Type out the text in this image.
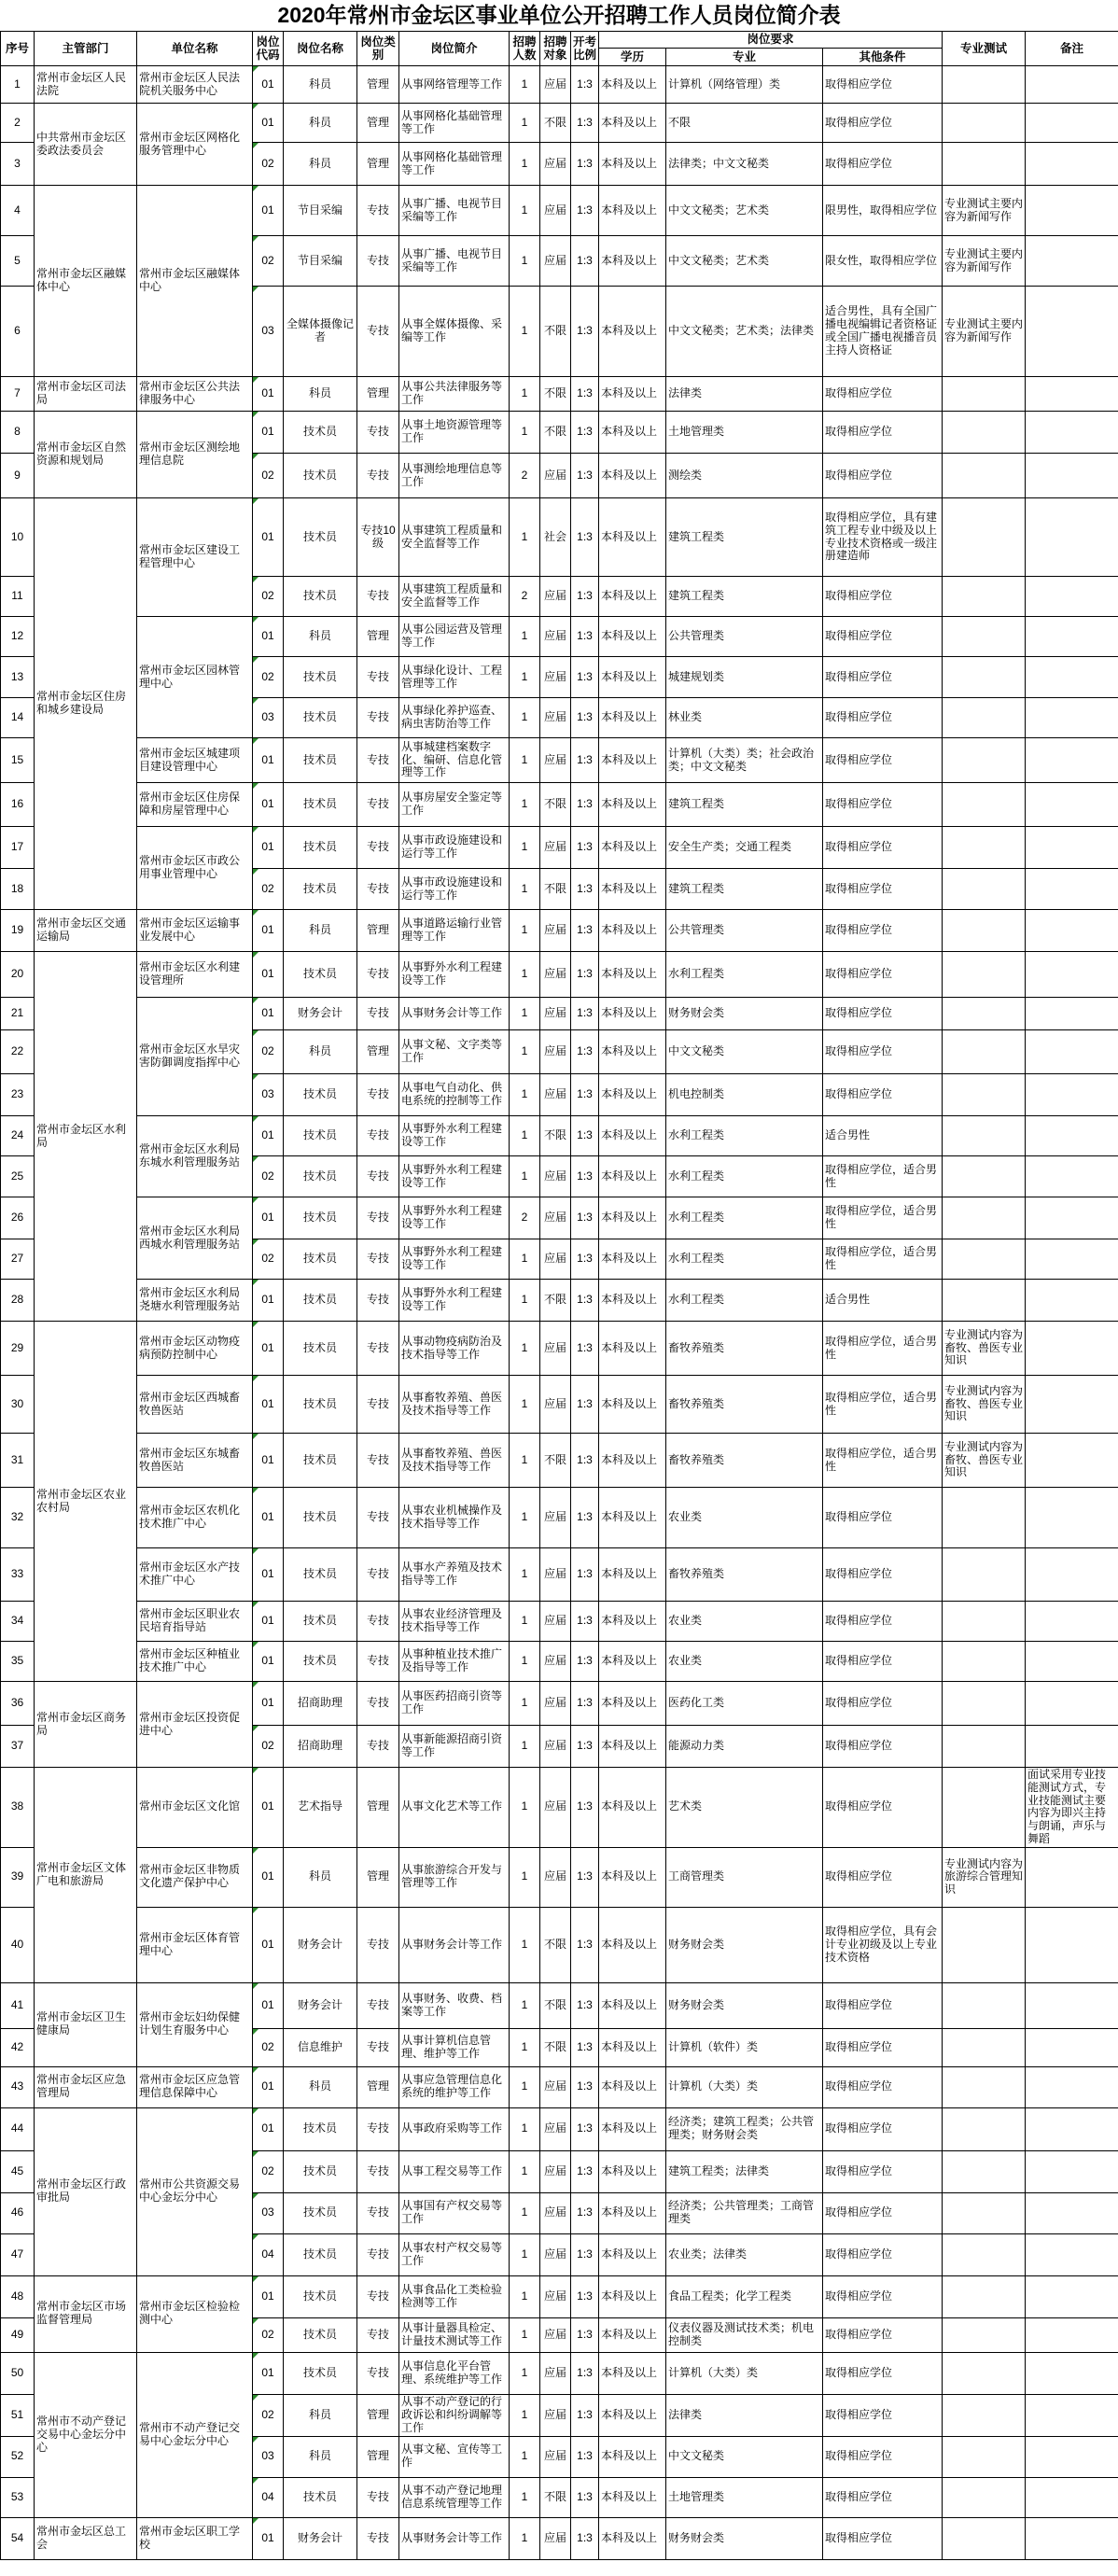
2020年常州市金坛区事业单位公开招聘工作人员岗位简介表
序号	主管部门	单位名称	岗位代码	岗位名称	岗位类别	岗位简介	招聘人数	招聘对象	开考比例	岗位要求			专业测试	备注
										学历	专业	其他条件		
1	常州市金坛区人民法院	常州市金坛区人民法院机关服务中心	01	科员	管理	从事网络管理等工作	1	应届	1:3	本科及以上	计算机（网络管理）类	取得相应学位		
2	中共常州市金坛区委政法委员会	常州市金坛区网格化服务管理中心	01	科员	管理	从事网格化基础管理等工作	1	不限	1:3	本科及以上	不限	取得相应学位		
3			02	科员	管理	从事网格化基础管理等工作	1	应届	1:3	本科及以上	法律类；中文文秘类	取得相应学位		
4	常州市金坛区融媒体中心	常州市金坛区融媒体中心	01	节目采编	专技	从事广播、电视节目采编等工作	1	应届	1:3	本科及以上	中文文秘类；艺术类	限男性，取得相应学位	专业测试主要内容为新闻写作	
5			02	节目采编	专技	从事广播、电视节目采编等工作	1	应届	1:3	本科及以上	中文文秘类；艺术类	限女性，取得相应学位	专业测试主要内容为新闻写作	
6			03	全媒体摄像记者	专技	从事全媒体摄像、采编等工作	1	不限	1:3	本科及以上	中文文秘类；艺术类；法律类	适合男性，具有全国广播电视编辑记者资格证或全国广播电视播音员主持人资格证	专业测试主要内容为新闻写作	
7	常州市金坛区司法局	常州市金坛区公共法律服务中心	01	科员	管理	从事公共法律服务等工作	1	不限	1:3	本科及以上	法律类	取得相应学位		
8	常州市金坛区自然资源和规划局	常州市金坛区测绘地理信息院	01	技术员	专技	从事土地资源管理等工作	1	不限	1:3	本科及以上	土地管理类	取得相应学位		
9			02	技术员	专技	从事测绘地理信息等工作	2	应届	1:3	本科及以上	测绘类	取得相应学位		
10	常州市金坛区住房和城乡建设局	常州市金坛区建设工程管理中心	01	技术员	专技10级	从事建筑工程质量和安全监督等工作	1	社会	1:3	本科及以上	建筑工程类	取得相应学位，具有建筑工程专业中级及以上专业技术资格或一级注册建造师		
11			02	技术员	专技	从事建筑工程质量和安全监督等工作	2	应届	1:3	本科及以上	建筑工程类	取得相应学位		
12		常州市金坛区园林管理中心	01	科员	管理	从事公园运营及管理等工作	1	应届	1:3	本科及以上	公共管理类	取得相应学位		
13			02	技术员	专技	从事绿化设计、工程管理等工作	1	应届	1:3	本科及以上	城建规划类	取得相应学位		
14			03	技术员	专技	从事绿化养护巡查、病虫害防治等工作	1	应届	1:3	本科及以上	林业类	取得相应学位		
15		常州市金坛区城建项目建设管理中心	01	技术员	专技	从事城建档案数字化、编研、信息化管理等工作	1	应届	1:3	本科及以上	计算机（大类）类；社会政治类；中文文秘类	取得相应学位		
16		常州市金坛区住房保障和房屋管理中心	01	技术员	专技	从事房屋安全鉴定等工作	1	不限	1:3	本科及以上	建筑工程类	取得相应学位		
17		常州市金坛区市政公用事业管理中心	01	技术员	专技	从事市政设施建设和运行等工作	1	应届	1:3	本科及以上	安全生产类；交通工程类	取得相应学位		
18			02	技术员	专技	从事市政设施建设和运行等工作	1	不限	1:3	本科及以上	建筑工程类	取得相应学位		
19	常州市金坛区交通运输局	常州市金坛区运输事业发展中心	01	科员	管理	从事道路运输行业管理等工作	1	应届	1:3	本科及以上	公共管理类	取得相应学位		
20	常州市金坛区水利局	常州市金坛区水利建设管理所	01	技术员	专技	从事野外水利工程建设等工作	1	应届	1:3	本科及以上	水利工程类	取得相应学位		
21		常州市金坛区水旱灾害防御调度指挥中心	01	财务会计	专技	从事财务会计等工作	1	应届	1:3	本科及以上	财务财会类	取得相应学位		
22			02	科员	管理	从事文秘、文字类等工作	1	应届	1:3	本科及以上	中文文秘类	取得相应学位		
23			03	技术员	专技	从事电气自动化、供电系统的控制等工作	1	应届	1:3	本科及以上	机电控制类	取得相应学位		
24		常州市金坛区水利局东城水利管理服务站	01	技术员	专技	从事野外水利工程建设等工作	1	不限	1:3	本科及以上	水利工程类	适合男性		
25			02	技术员	专技	从事野外水利工程建设等工作	1	应届	1:3	本科及以上	水利工程类	取得相应学位，适合男性		
26		常州市金坛区水利局西城水利管理服务站	01	技术员	专技	从事野外水利工程建设等工作	2	应届	1:3	本科及以上	水利工程类	取得相应学位，适合男性		
27			02	技术员	专技	从事野外水利工程建设等工作	1	应届	1:3	本科及以上	水利工程类	取得相应学位，适合男性		
28		常州市金坛区水利局尧塘水利管理服务站	01	技术员	专技	从事野外水利工程建设等工作	1	不限	1:3	本科及以上	水利工程类	适合男性		
29	常州市金坛区农业农村局	常州市金坛区动物疫病预防控制中心	01	技术员	专技	从事动物疫病防治及技术指导等工作	1	应届	1:3	本科及以上	畜牧养殖类	取得相应学位，适合男性	专业测试内容为畜牧、兽医专业知识	
30		常州市金坛区西城畜牧兽医站	01	技术员	专技	从事畜牧养殖、兽医及技术指导等工作	1	应届	1:3	本科及以上	畜牧养殖类	取得相应学位，适合男性	专业测试内容为畜牧、兽医专业知识	
31		常州市金坛区东城畜牧兽医站	01	技术员	专技	从事畜牧养殖、兽医及技术指导等工作	1	不限	1:3	本科及以上	畜牧养殖类	取得相应学位，适合男性	专业测试内容为畜牧、兽医专业知识	
32		常州市金坛区农机化技术推广中心	01	技术员	专技	从事农业机械操作及技术指导等工作	1	应届	1:3	本科及以上	农业类	取得相应学位		
33		常州市金坛区水产技术推广中心	01	技术员	专技	从事水产养殖及技术指导等工作	1	应届	1:3	本科及以上	畜牧养殖类	取得相应学位		
34		常州市金坛区职业农民培育指导站	01	技术员	专技	从事农业经济管理及技术指导等工作	1	应届	1:3	本科及以上	农业类	取得相应学位		
35		常州市金坛区种植业技术推广中心	01	技术员	专技	从事种植业技术推广及指导等工作	1	应届	1:3	本科及以上	农业类	取得相应学位		
36	常州市金坛区商务局	常州市金坛区投资促进中心	01	招商助理	专技	从事医药招商引资等工作	1	应届	1:3	本科及以上	医药化工类	取得相应学位		
37			02	招商助理	专技	从事新能源招商引资等工作	1	应届	1:3	本科及以上	能源动力类	取得相应学位		
38	常州市金坛区文体广电和旅游局	常州市金坛区文化馆	01	艺术指导	管理	从事文化艺术等工作	1	应届	1:3	本科及以上	艺术类	取得相应学位		面试采用专业技能测试方式，专业技能测试主要内容为即兴主持与朗诵，声乐与舞蹈
39		常州市金坛区非物质文化遗产保护中心	01	科员	管理	从事旅游综合开发与管理等工作	1	应届	1:3	本科及以上	工商管理类	取得相应学位	专业测试内容为旅游综合管理知识	
40		常州市金坛区体育管理中心	01	财务会计	专技	从事财务会计等工作	1	不限	1:3	本科及以上	财务财会类	取得相应学位，具有会计专业初级及以上专业技术资格		
41	常州市金坛区卫生健康局	常州市金坛妇幼保健计划生育服务中心	01	财务会计	专技	从事财务、收费、档案等工作	1	不限	1:3	本科及以上	财务财会类	取得相应学位		
42			02	信息维护	专技	从事计算机信息管理、维护等工作	1	不限	1:3	本科及以上	计算机（软件）类	取得相应学位		
43	常州市金坛区应急管理局	常州市金坛区应急管理信息保障中心	01	科员	管理	从事应急管理信息化系统的维护等工作	1	应届	1:3	本科及以上	计算机（大类）类	取得相应学位		
44	常州市金坛区行政审批局	常州市公共资源交易中心金坛分中心	01	技术员	专技	从事政府采购等工作	1	应届	1:3	本科及以上	经济类；建筑工程类；公共管理类；财务财会类	取得相应学位		
45			02	技术员	专技	从事工程交易等工作	1	应届	1:3	本科及以上	建筑工程类；法律类	取得相应学位		
46			03	技术员	专技	从事国有产权交易等工作	1	应届	1:3	本科及以上	经济类；公共管理类；工商管理类	取得相应学位		
47			04	技术员	专技	从事农村产权交易等工作	1	应届	1:3	本科及以上	农业类；法律类	取得相应学位		
48	常州市金坛区市场监督管理局	常州市金坛区检验检测中心	01	技术员	专技	从事食品化工类检验检测等工作	1	应届	1:3	本科及以上	食品工程类；化学工程类	取得相应学位		
49			02	技术员	专技	从事计量器具检定、计量技术测试等工作	1	应届	1:3	本科及以上	仪表仪器及测试技术类；机电控制类	取得相应学位		
50	常州市不动产登记交易中心金坛分中心	常州市不动产登记交易中心金坛分中心	01	技术员	专技	从事信息化平台管理、系统维护等工作	1	应届	1:3	本科及以上	计算机（大类）类	取得相应学位		
51			02	科员	管理	从事不动产登记的行政诉讼和纠纷调解等工作	1	应届	1:3	本科及以上	法律类	取得相应学位		
52			03	科员	管理	从事文秘、宣传等工作	1	应届	1:3	本科及以上	中文文秘类	取得相应学位		
53			04	技术员	专技	从事不动产登记地理信息系统管理等工作	1	不限	1:3	本科及以上	土地管理类	取得相应学位		
54	常州市金坛区总工会	常州市金坛区职工学校	01	财务会计	专技	从事财务会计等工作	1	应届	1:3	本科及以上	财务财会类	取得相应学位		
